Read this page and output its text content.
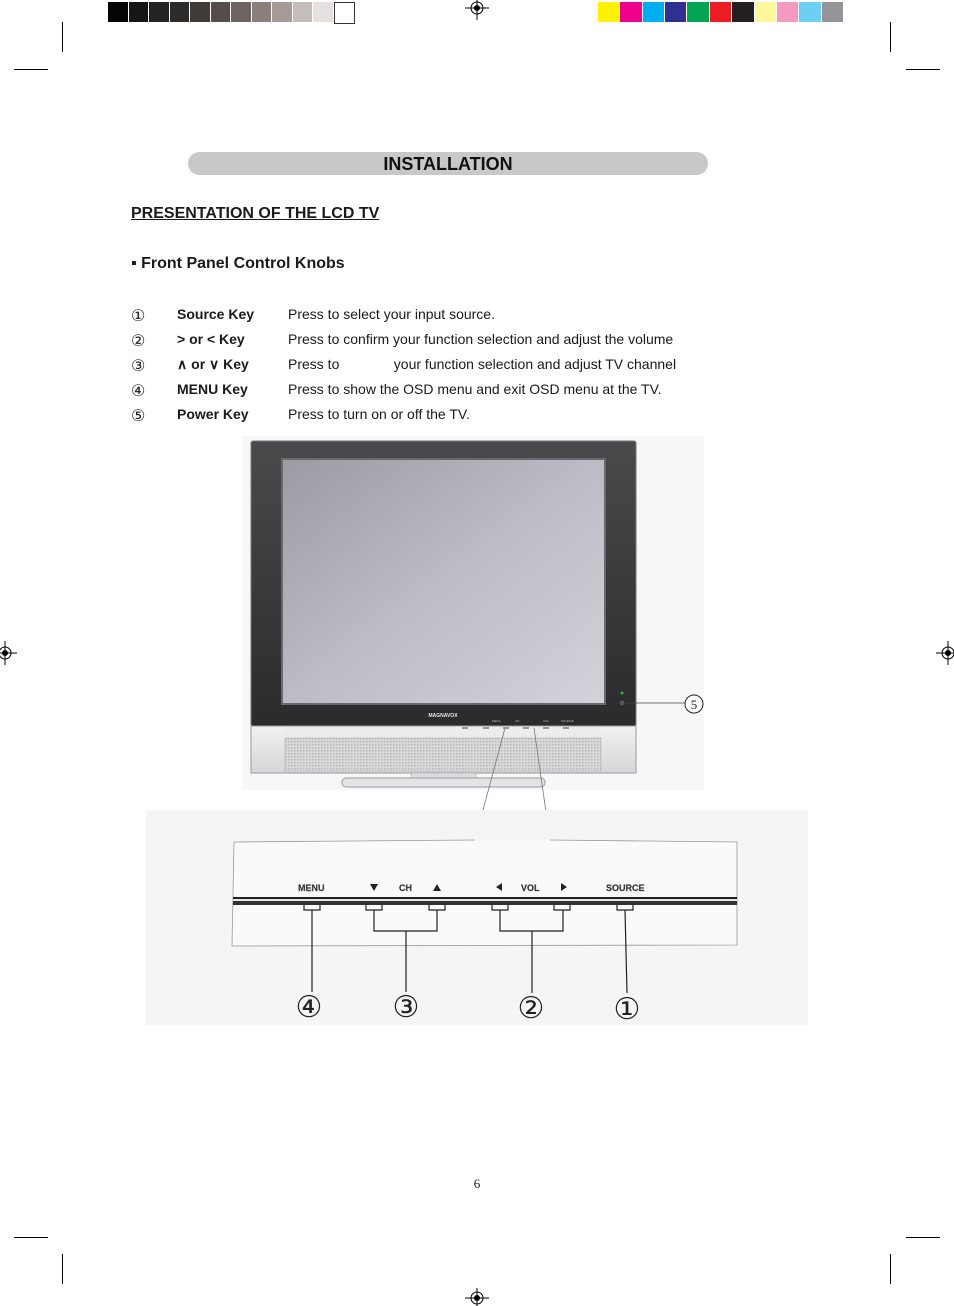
INSTALLATION
PRESENTATION OF THE LCD TV
▪ Front Panel Control Knobs
①	Source Key Press to select your input source.
②	> or < Key	Press to confirm your function selection and adjust the volume
③	∧ or ∨ Key	Press to              your function selection and adjust TV channel
④	MENU Key	Press to show the OSD menu and exit OSD menu at the TV.
⑤	Power Key	Press to turn on or off the TV.
MAGNAVOX
MENU	CH	VOL	SOURCE
5
MENU	CH	VOL	SOURCE
④ ③	② ①
6
